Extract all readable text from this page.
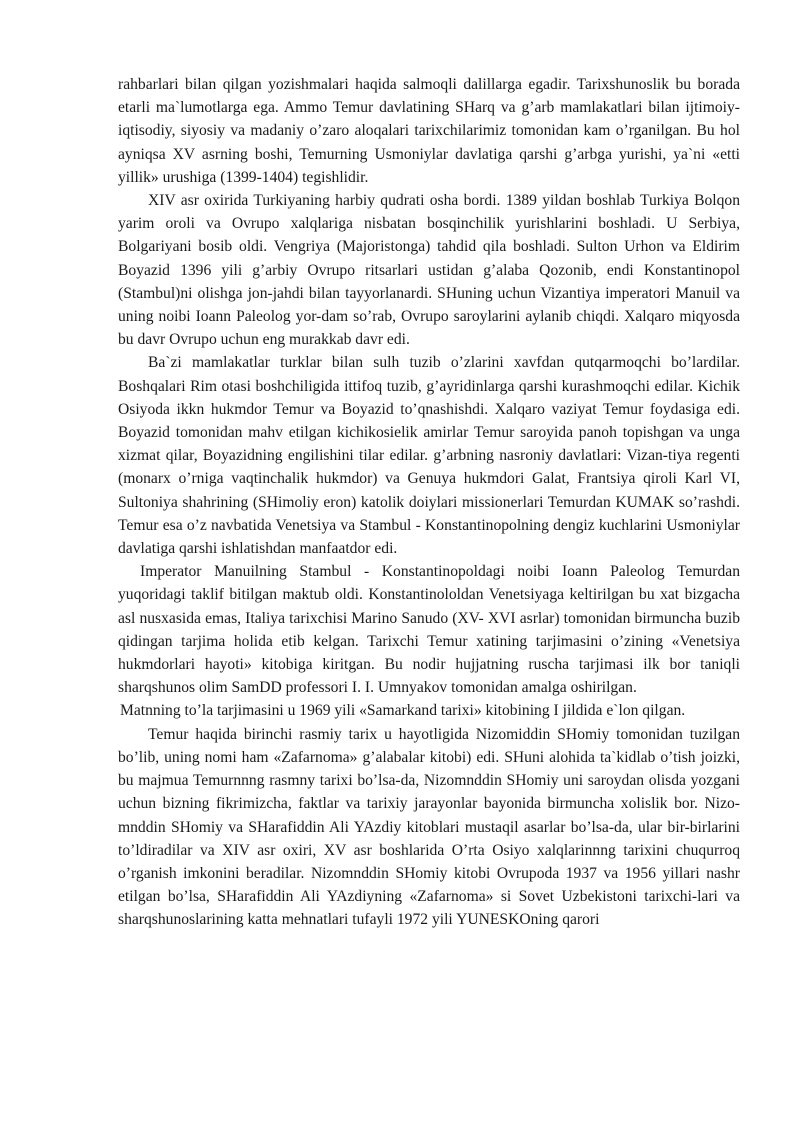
rahbarlari bilan qilgan yozishmalari haqida salmoqli dalillarga egadir. Tarixshunoslik bu borada etarli ma`lumotlarga ega. Ammo Temur davlatining SHarq va g’arb mamlakatlari bilan ijtimoiy-iqtisodiy, siyosiy va madaniy o’zaro aloqalari tarixchilarimiz tomonidan kam o’rganilgan. Bu hol ayniqsa XV asrning boshi, Temurning Usmoniylar davlatiga qarshi g’arbga yurishi, ya`ni «etti yillik» urushiga (1399-1404) tegishlidir.

XIV asr oxirida Turkiyaning harbiy qudrati osha bordi. 1389 yildan boshlab Turkiya Bolqon yarim oroli va Ovrupo xalqlariga nisbatan bosqinchilik yurishlarini boshladi. U Serbiya, Bolgariyani bosib oldi. Vengriya (Majoristonga) tahdid qila boshladi. Sulton Urhon va Eldirim Boyazid 1396 yili g’arbiy Ovrupo ritsarlari ustidan g’alaba Qozonib, endi Konstantinopol (Stambul)ni olishga jon-jahdi bilan tayyorlanardi. SHuning uchun Vizantiya imperatori Manuil va uning noibi Ioann Paleolog yor-dam so’rab, Ovrupo saroylarini aylanib chiqdi. Xalqaro miqyosda bu davr Ovrupo uchun eng murakkab davr edi.

Ba`zi mamlakatlar turklar bilan sulh tuzib o’zlarini xavfdan qutqarmoqchi bo’lardilar. Boshqalari Rim otasi boshchiligida ittifoq tuzib, g’ayridinlarga qarshi kurashmoqchi edilar. Kichik Osiyoda ikkn hukmdor Temur va Boyazid to’qnashishdi. Xalqaro vaziyat Temur foydasiga edi. Boyazid tomonidan mahv etilgan kichikosielik amirlar Temur saroyida panoh topishgan va unga xizmat qilar, Boyazidning engilishini tilar edilar. g’arbning nasroniy davlatlari: Vizan-tiya regenti (monarx o’rniga vaqtinchalik hukmdor) va Genuya hukmdori Galat, Frantsiya qiroli Karl VI, Sultoniya shahrining (SHimoliy eron) katolik doiylari missionerlari Temurdan KUMAK so’rashdi. Temur esa o’z navbatida Venetsiya va Stambul - Konstantinopolning dengiz kuchlarini Usmoniylar davlatiga qarshi ishlatishdan manfaatdor edi.

Imperator Manuilning Stambul - Konstantinopoldagi noibi Ioann Paleolog Temurdan yuqoridagi taklif bitilgan maktub oldi. Konstantinololdan Venetsiyaga keltirilgan bu xat bizgacha asl nusxasida emas, Italiya tarixchisi Marino Sanudo (XV- XVI asrlar) tomonidan birmuncha buzib qidingan tarjima holida etib kelgan. Tarixchi Temur xatining tarjimasini o’zining «Venetsiya hukmdorlari hayoti» kitobiga kiritgan. Bu nodir hujjatning ruscha tarjimasi ilk bor taniqli sharqshunos olim SamDD professori I. I. Umnyakov tomonidan amalga oshirilgan.

Matnning to’la tarjimasini u 1969 yili «Samarkand tarixi» kitobining I jildida e`lon qilgan.

Temur haqida birinchi rasmiy tarix u hayotligida Nizomiddin SHomiy tomonidan tuzilgan bo’lib, uning nomi ham «Zafarnoma» g’alabalar kitobi) edi. SHuni alohida ta`kidlab o’tish joizki, bu majmua Temurnnng rasmny tarixi bo’lsa-da, Nizomnddin SHomiy uni saroydan olisda yozgani uchun bizning fikrimizcha, faktlar va tarixiy jarayonlar bayonida birmuncha xolislik bor. Nizo-mnddin SHomiy va SHarafiddin Ali YAzdiy kitoblari mustaqil asarlar bo’lsa-da, ular bir-birlarini to’ldiradilar va XIV asr oxiri, XV asr boshlarida O’rta Osiyo xalqlarinnng tarixini chuqurroq o’rganish imkonini beradilar. Nizomnddin SHomiy kitobi Ovrupoda 1937 va 1956 yillari nashr etilgan bo’lsa, SHarafiddin Ali YAzdiyning «Zafarnoma» si Sovet Uzbekistoni tarixchi-lari va sharqshunoslarining katta mehnatlari tufayli 1972 yili YUNESKOning qarori
